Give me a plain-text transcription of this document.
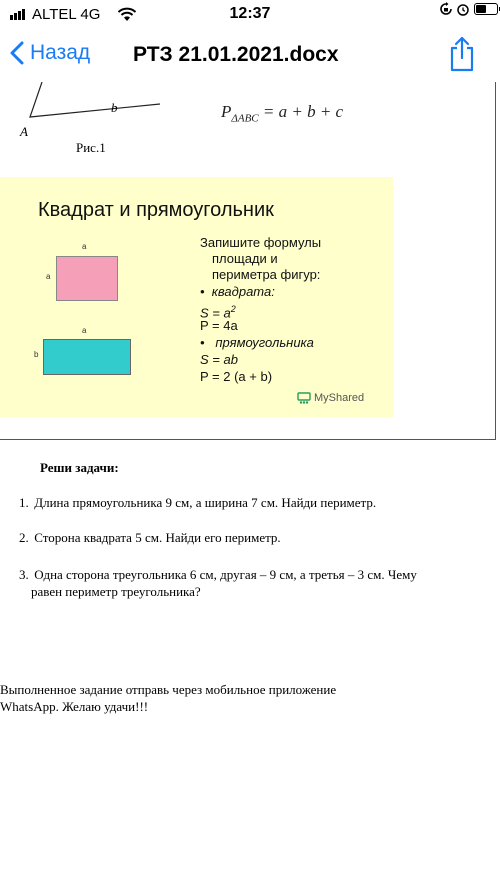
ALTEL 4G	12:37
Назад РТЗ 21.01.2021.docx
b
A
$P_{\Delta ABC} = a + b + c$
Рис.1
Квадрат и прямоугольник
a
a
a
b
Запишите формулы
площади и
периметра фигур:
•  квадрата:
$S = a^2$
P = 4a
•   прямоугольника
S = ab
P = 2 (a + b)
MyShared
Реши задачи:
1. Длина прямоугольника 9 см, а ширина 7 см. Найди периметр.
2. Сторона квадрата 5 см. Найди его периметр.
3. Одна сторона треугольника 6 см, другая – 9 см, а третья – 3 см. Чему
равен периметр треугольника?
Выполненное задание отправь через мобильное приложение
WhatsApp. Желаю удачи!!!
